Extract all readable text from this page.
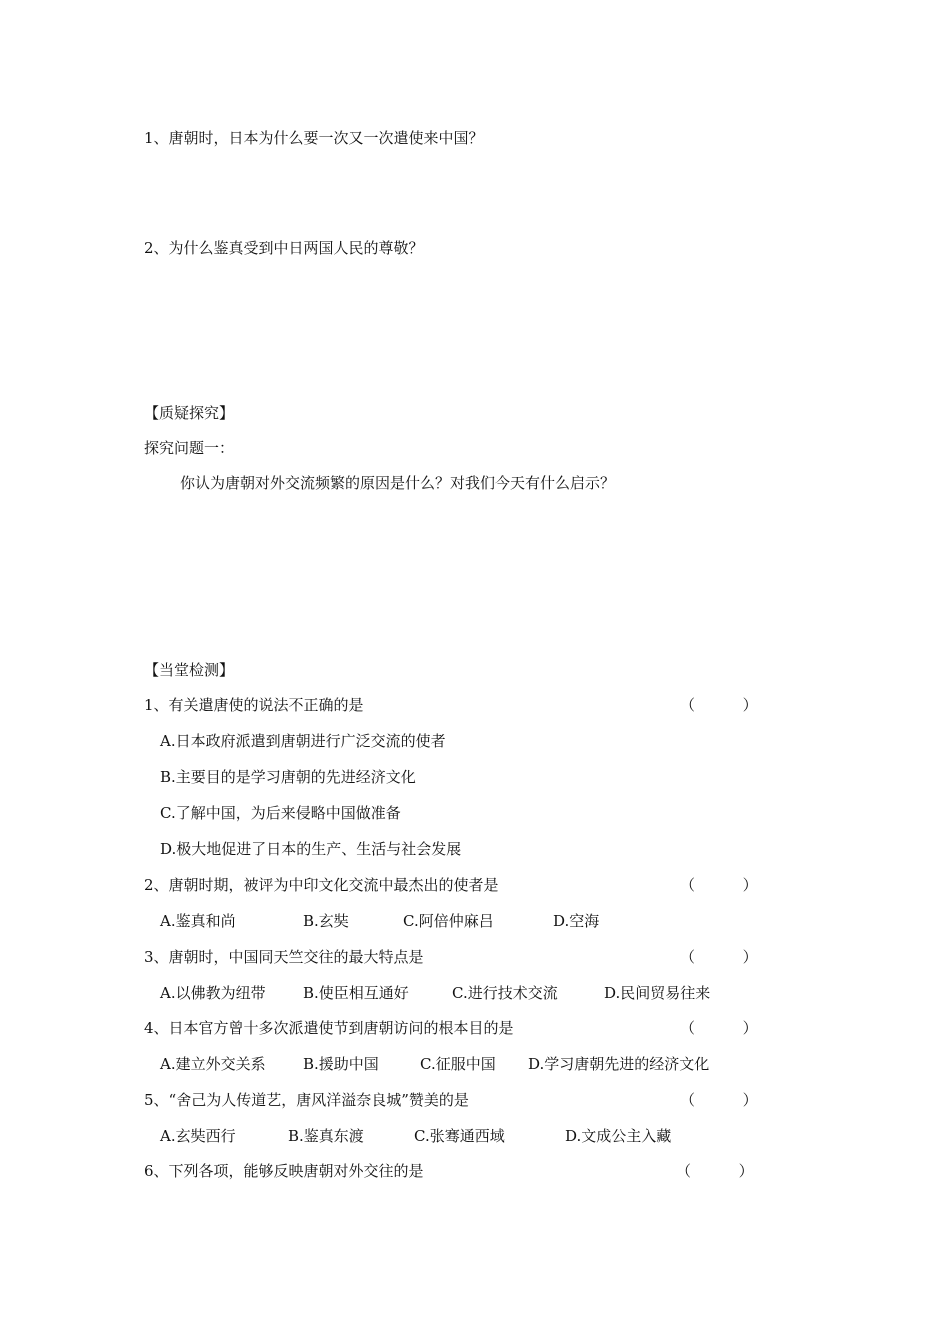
1、唐朝时，日本为什么要一次又一次遣使来中国？
2、为什么鉴真受到中日两国人民的尊敬？
【质疑探究】
探究问题一：
你认为唐朝对外交流频繁的原因是什么？对我们今天有什么启示？
【当堂检测】
1、有关遣唐使的说法不正确的是	（          ）
A.日本政府派遣到唐朝进行广泛交流的使者
B.主要目的是学习唐朝的先进经济文化
C.了解中国，为后来侵略中国做准备
D.极大地促进了日本的生产、生活与社会发展
2、唐朝时期，被评为中印文化交流中最杰出的使者是	（          ）
A.鉴真和尚	B.玄奘	C.阿倍仲麻吕	D.空海
3、唐朝时，中国同天竺交往的最大特点是	（          ）
A.以佛教为纽带 B.使臣相互通好	C.进行技术交流	D.民间贸易往来
4、日本官方曾十多次派遣使节到唐朝访问的根本目的是	（          ）
A.建立外交关系 B.援助中国	C.征服中国 D.学习唐朝先进的经济文化
5、“舍己为人传道艺，唐风洋溢奈良城”赞美的是	（          ）
A.玄奘西行	B.鉴真东渡	C.张骞通西域	D.文成公主入藏
6、下列各项，能够反映唐朝对外交往的是	（          ）
